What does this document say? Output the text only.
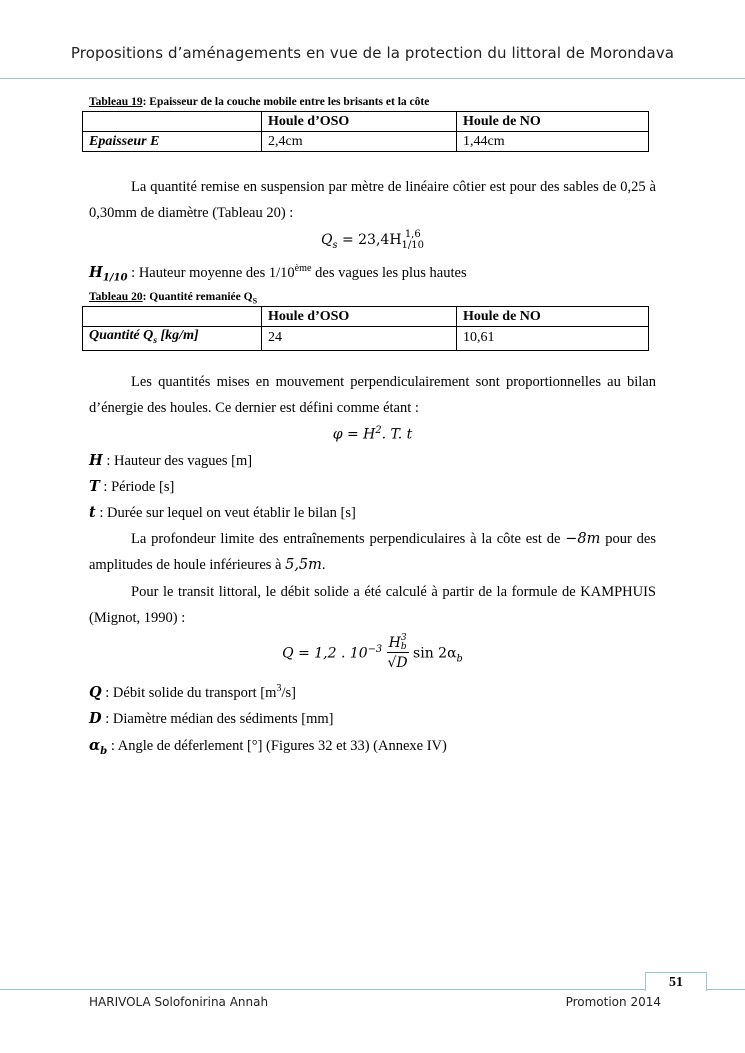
Propositions d’aménagements en vue de la protection du littoral de Morondava
Tableau 19: Epaisseur de la couche mobile entre les brisants et la côte
	Houle d’OSO	Houle de NO
Epaisseur E	2,4cm	1,44cm

La quantité remise en suspension par mètre de linéaire côtier est pour des sables de 0,25 à 0,30mm de diamètre (Tableau 20) :

$Q_s = 23,4H$ 1,6
1/10
$H_{1/10}$ : Hauteur moyenne des 1/10ème des vagues les plus hautes
Tableau 20: Quantité remaniée $Q_S$
	Houle d’OSO	Houle de NO
Quantité $Q_s$ [kg/m]	24	10,61

Les quantités mises en mouvement perpendiculairement sont proportionnelles au bilan d’énergie des houles. Ce dernier est défini comme étant :

$\varphi = H^2$. T. t
H : Hauteur des vagues [m]
T : Période [s]
t : Durée sur lequel on veut établir le bilan [s]

La profondeur limite des entraînements perpendiculaires à la côte est de −8m pour des amplitudes de houle inférieures à 5,5m.

Pour le transit littoral, le débit solide a été calculé à partir de la formule de KAMPHUIS (Mignot, 1990) :

Q = 1,2 . $10^{-3}$ H 3
b
√D $\sin 2\alpha_b$
Q : Débit solide du transport $[m^3/s]$
D : Diamètre médian des sédiments [mm]
$\alpha_b$ : Angle de déferlement [°] (Figures 32 et 33) (Annexe IV)
51
HARIVOLA Solofonirina Annah	Promotion 2014
